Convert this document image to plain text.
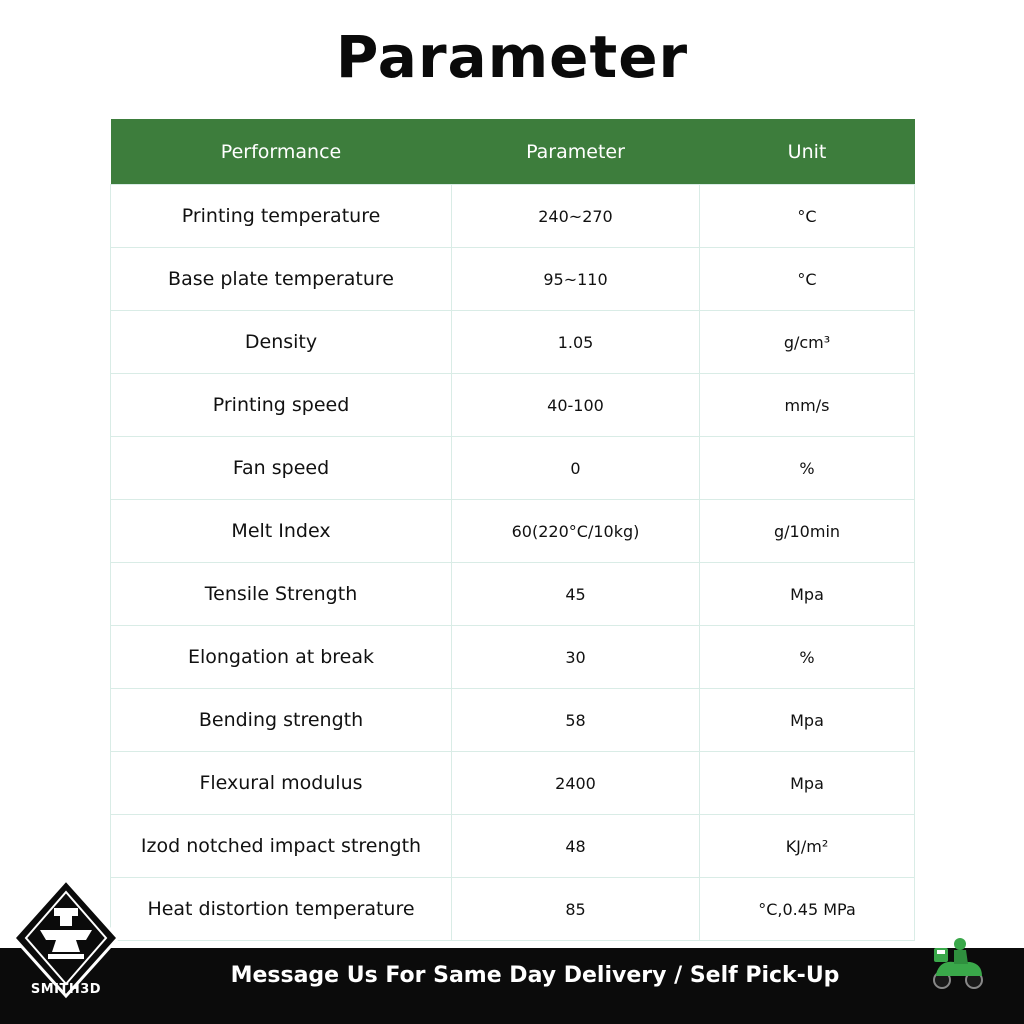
Parameter
Performance	Parameter	Unit
Printing temperature	240~270	°C
Base plate temperature	95~110	°C
Density	1.05	g/cm³
Printing speed	40-100	mm/s
Fan speed	0	%
Melt Index	60(220°C/10kg)	g/10min
Tensile Strength	45	Mpa
Elongation at break	30	%
Bending strength	58	Mpa
Flexural modulus	2400	Mpa
Izod notched impact strength	48	KJ/m²
Heat distortion temperature	85	°C,0.45 MPa
Message Us For Same Day Delivery / Self Pick-Up
SMITH3D
